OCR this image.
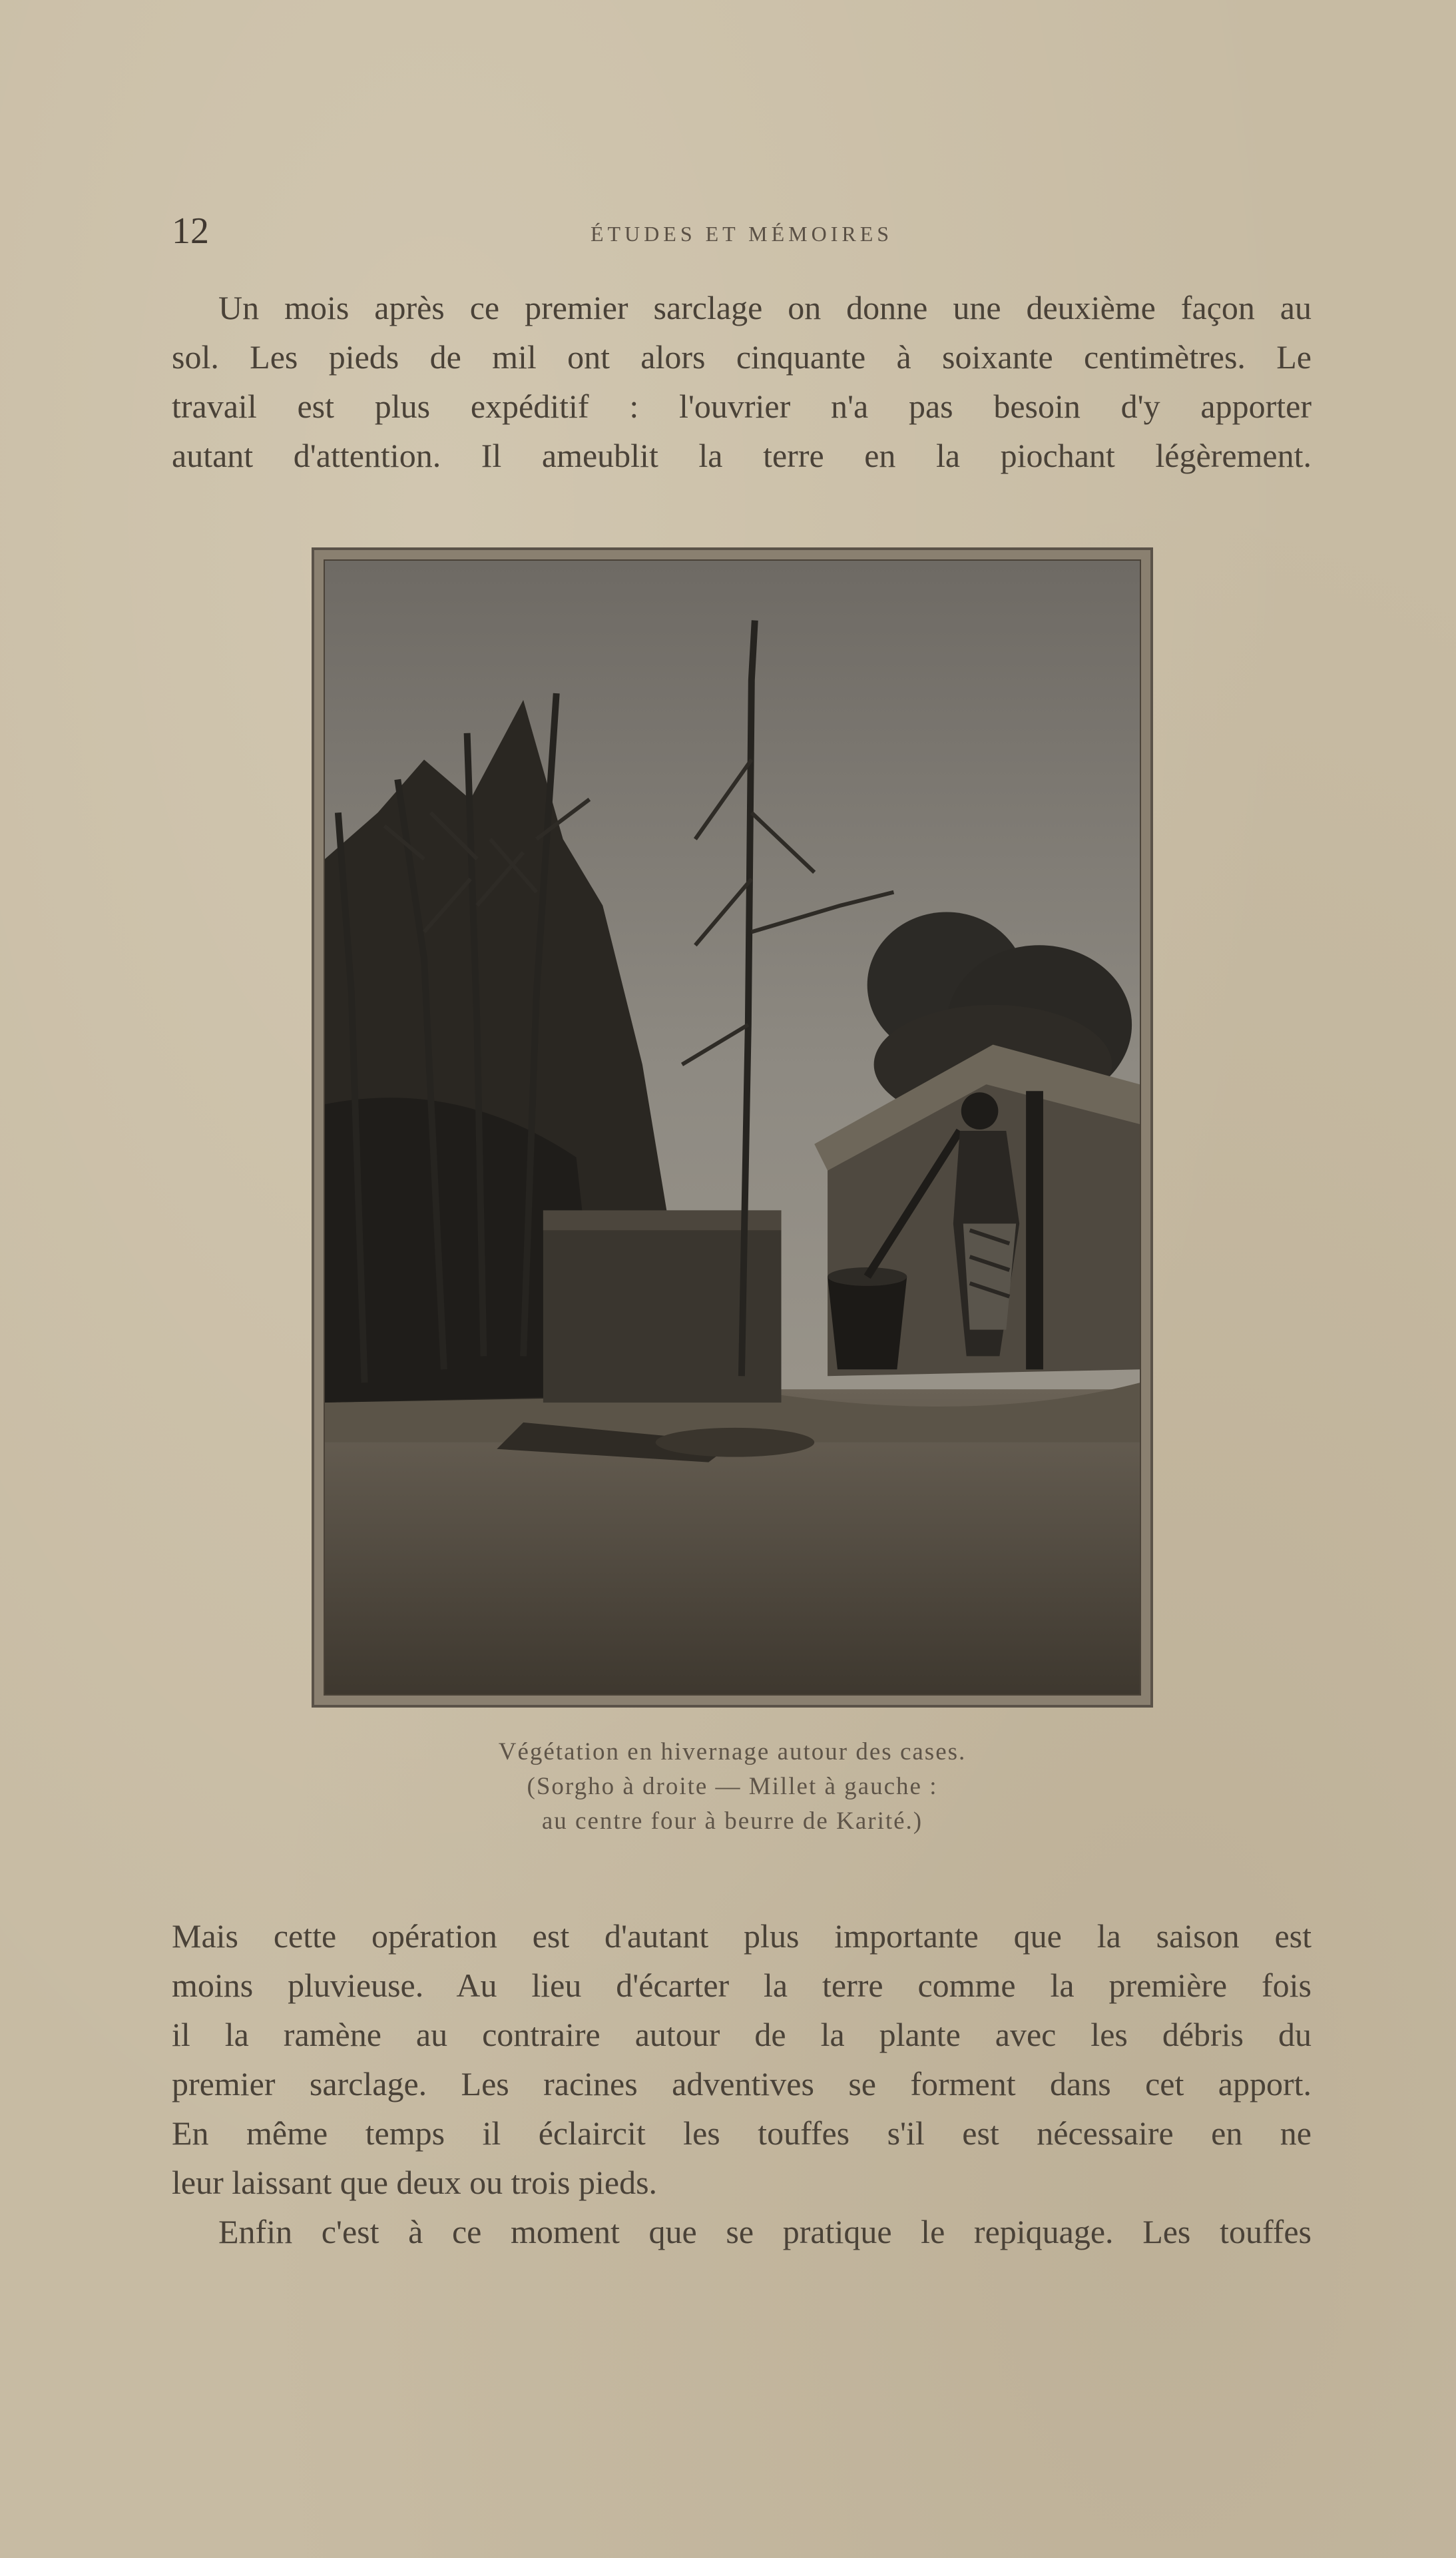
12	ÉTUDES ET MÉMOIRES
Un mois après ce premier sarclage on donne une deuxième façon au
sol. Les pieds de mil ont alors cinquante à soixante centimètres. Le
travail est plus expéditif : l'ouvrier n'a pas besoin d'y apporter
autant d'attention. Il ameublit la terre en la piochant légèrement.
Végétation en hivernage autour des cases.
(Sorgho à droite — Millet à gauche :
au centre four à beurre de Karité.)
Mais cette opération est d'autant plus importante que la saison est
moins pluvieuse. Au lieu d'écarter la terre comme la première fois
il la ramène au contraire autour de la plante avec les débris du
premier sarclage. Les racines adventives se forment dans cet apport.
En même temps il éclaircit les touffes s'il est nécessaire en ne
leur laissant que deux ou trois pieds.
Enfin c'est à ce moment que se pratique le repiquage. Les touffes
